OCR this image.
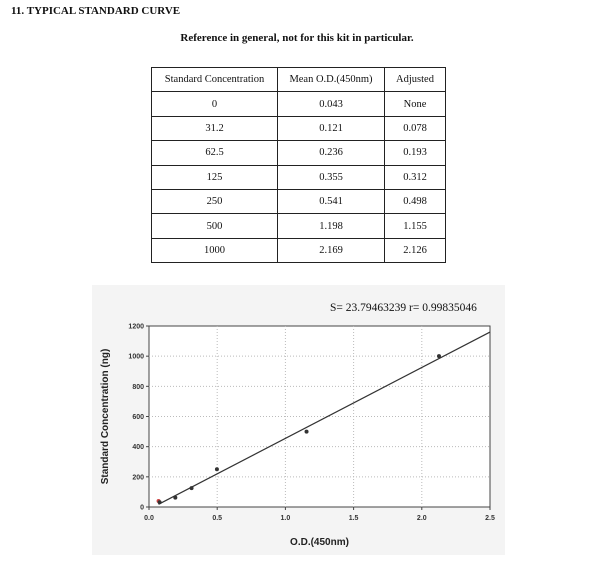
11. TYPICAL STANDARD CURVE
Reference in general, not for this kit in particular.
Standard Concentration	Mean O.D.(450nm)	Adjusted
0	0.043	None
31.2	0.121	0.078
62.5	0.236	0.193
125	0.355	0.312
250	0.541	0.498
500	1.198	1.155
1000	2.169	2.126
S= 23.79463239 r= 0.99835046
0.0	0.5	1.0	1.5	2.0	2.5
0
200
400
600
800
1000
1200
O.D.(450nm)
Standard Concentration (ng)
